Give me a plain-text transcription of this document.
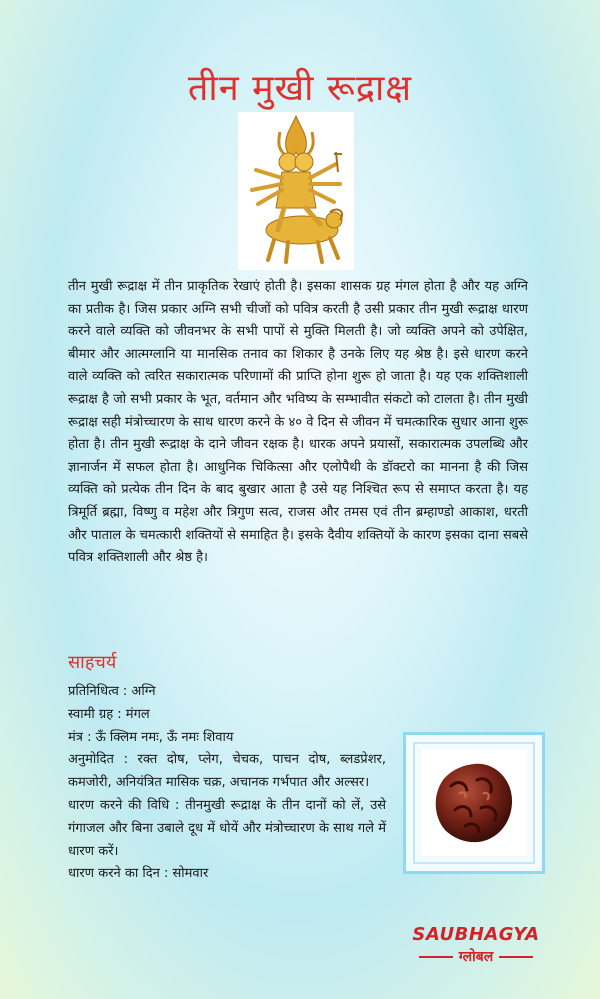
तीन मुखी रूद्राक्ष
तीन मुखी रूद्राक्ष में तीन प्राकृतिक रेखाएं होती है। इसका शासक ग्रह मंगल होता है और यह अग्नि का प्रतीक है। जिस प्रकार अग्नि सभी चीजों को पवित्र करती है उसी प्रकार तीन मुखी रूद्राक्ष धारण करने वाले व्यक्ति को जीवनभर के सभी पापों से मुक्ति मिलती है। जो व्यक्ति अपने को उपेक्षित, बीमार और आत्मग्लानि या मानसिक तनाव का शिकार है उनके लिए यह श्रेष्ठ है। इसे धारण करने वाले व्यक्ति को त्वरित सकारात्मक परिणामों की प्राप्ति होना शुरू हो जाता है। यह एक शक्तिशाली रूद्राक्ष है जो सभी प्रकार के भूत, वर्तमान और भविष्य के सम्भावीत संकटो को टालता है। तीन मुखी रूद्राक्ष सही मंत्रोच्चारण के साथ धारण करने के ४० वे दिन से जीवन में चमत्कारिक सुधार आना शुरू होता है। तीन मुखी रूद्राक्ष के दाने जीवन रक्षक है। धारक अपने प्रयासों, सकारात्मक उपलब्धि और ज्ञानार्जन में सफल होता है। आधुनिक चिकित्सा और एलोपैथी के डॉक्टरो का मानना है की जिस व्यक्ति को प्रत्येक तीन दिन के बाद बुखार आता है उसे यह निश्चित रूप से समाप्त करता है। यह त्रिमूर्ति ब्रह्मा, विष्णु व महेश और त्रिगुण सत्व, राजस और तमस एवं तीन ब्रम्हाण्डो आकाश, धरती और पाताल के चमत्कारी शक्तियों से समाहित है। इसके दैवीय शक्तियों के कारण इसका दाना सबसे पवित्र शक्तिशाली और श्रेष्ठ है।
साहचर्य

प्रतिनिधित्व : अग्नि

स्वामी ग्रह : मंगल

मंत्र : ऊँ क्लिम नमः, ऊँ नमः शिवाय

अनुमोदित : रक्त दोष, प्लेग, चेचक, पाचन दोष, ब्लडप्रेशर, कमजोरी, अनियंत्रित मासिक चक्र, अचानक गर्भपात और अल्सर।

धारण करने की विधि : तीनमुखी रूद्राक्ष के तीन दानों को लें, उसे गंगाजल और बिना उबाले दूध में धोयें और मंत्रोच्चारण के साथ गले में धारण करें।

धारण करने का दिन : सोमवार

SAUBHAGYA
ग्लोबल
